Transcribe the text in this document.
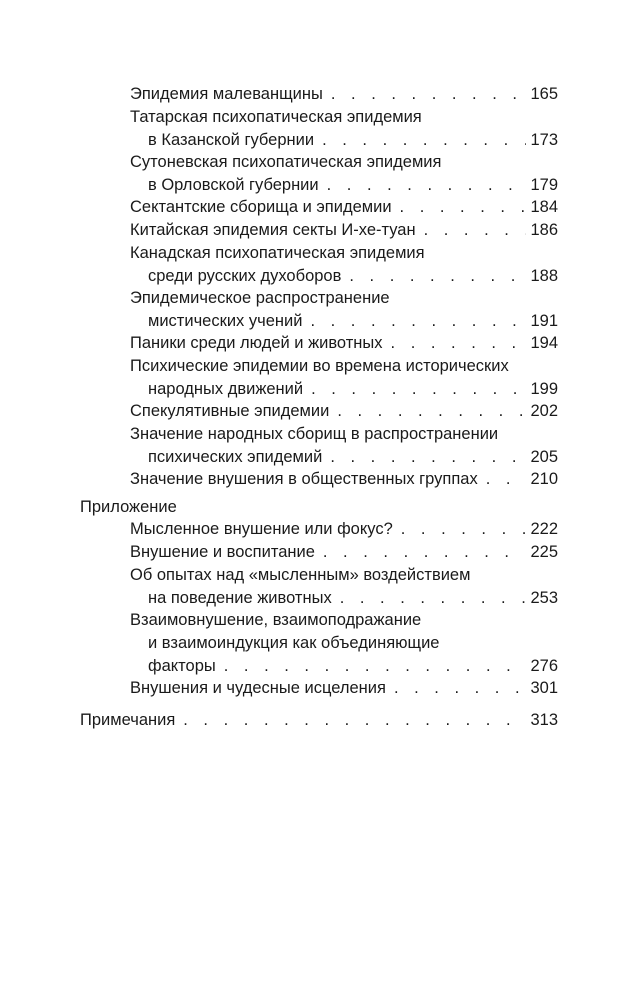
Эпидемия малеванщины . . .	165
Татарская психопатическая эпидемия
в Казанской губернии . . .	173
Сутоневская психопатическая эпидемия
в Орловской губернии . . .	179
Сектантские сборища и эпидемии . . .	184
Китайская эпидемия секты И-хе-туан . . .	186
Канадская психопатическая эпидемия
среди русских духоборов . . .	188
Эпидемическое распространение
мистических учений . . .	191
Паники среди людей и животных . . .	194
Психические эпидемии во времена исторических
народных движений . . .	199
Спекулятивные эпидемии . . .	202
Значение народных сборищ в распространении
психических эпидемий . . .	205
Значение внушения в общественных группах . . .	210
Приложение
Мысленное внушение или фокус? . . .	222
Внушение и воспитание . . .	225
Об опытах над «мысленным» воздействием
на поведение животных . . .	253
Взаимовнушение, взаимоподражание
и взаимоиндукция как объединяющие
факторы . . .	276
Внушения и чудесные исцеления . . .	301
Примечания . . .	313
